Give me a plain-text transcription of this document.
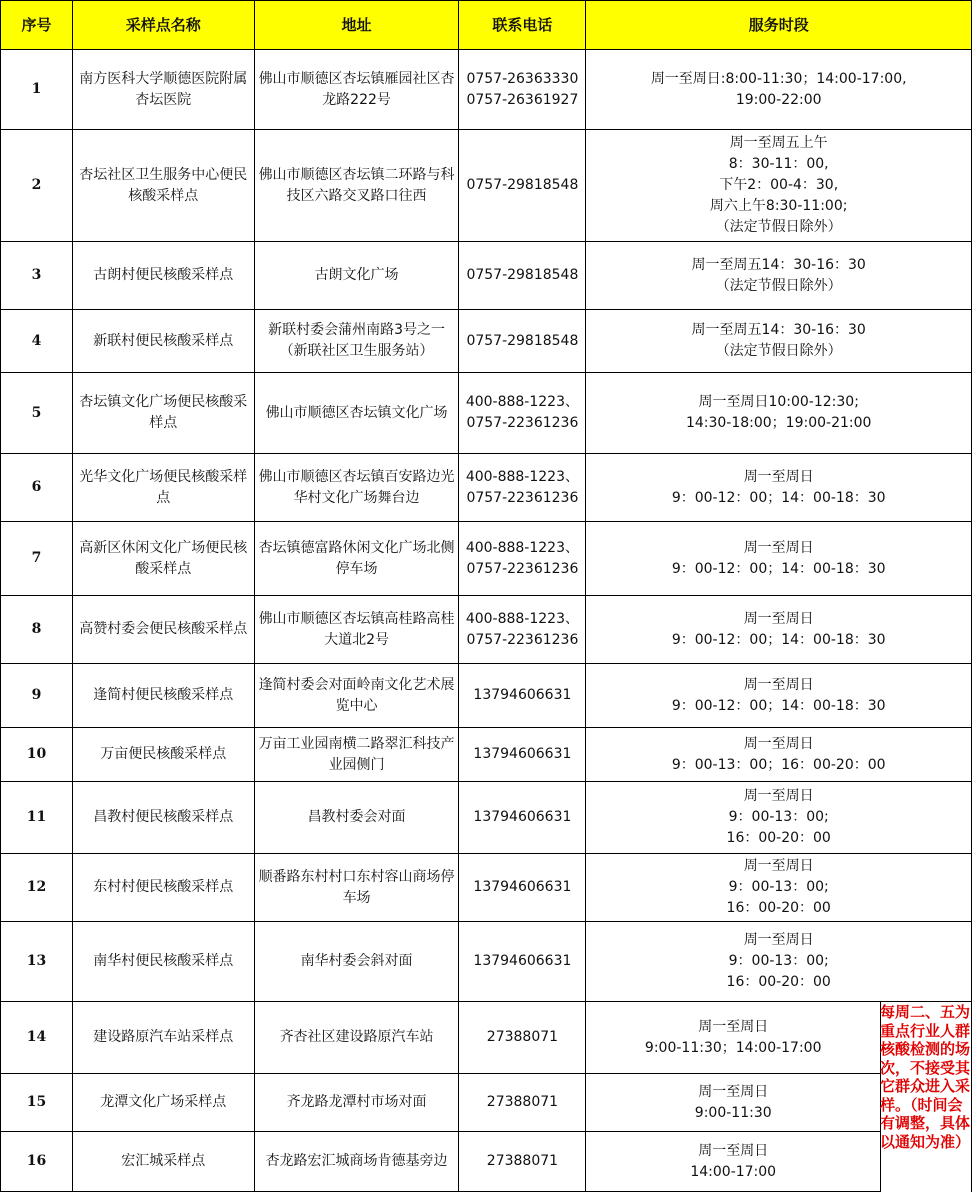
序号	采样点名称	地址	联系电话	服务时段	
1	南方医科大学顺德医院附属杏坛医院	佛山市顺德区杏坛镇雁园社区杏龙路222号	0757-26363330
0757-26361927	周一至周日:8:00-11:30；14:00-17:00,
19:00-22:00	
2	杏坛社区卫生服务中心便民核酸采样点	佛山市顺德区杏坛镇二环路与科技区六路交叉路口往西	0757-29818548	周一至周五上午
8：30-11：00,
下午2：00-4：30,
周六上午8:30-11:00;
（法定节假日除外）	
3	古朗村便民核酸采样点	古朗文化广场	0757-29818548	周一至周五14：30-16：30
（法定节假日除外）	
4	新联村便民核酸采样点	新联村委会蒲州南路3号之一（新联社区卫生服务站）	0757-29818548	周一至周五14：30-16：30
（法定节假日除外）	
5	杏坛镇文化广场便民核酸采样点	佛山市顺德区杏坛镇文化广场	400-888-1223、
0757-22361236	周一至周日10:00-12:30;
14:30-18:00；19:00-21:00	
6	光华文化广场便民核酸采样点	佛山市顺德区杏坛镇百安路边光华村文化广场舞台边	400-888-1223、
0757-22361236	周一至周日
9：00-12：00；14：00-18：30	
7	高新区休闲文化广场便民核酸采样点	杏坛镇德富路休闲文化广场北侧停车场	400-888-1223、
0757-22361236	周一至周日
9：00-12：00；14：00-18：30	
8	高赞村委会便民核酸采样点	佛山市顺德区杏坛镇高桂路高桂大道北2号	400-888-1223、
0757-22361236	周一至周日
9：00-12：00；14：00-18：30	
9	逢简村便民核酸采样点	逢简村委会对面岭南文化艺术展览中心	13794606631	周一至周日
9：00-12：00；14：00-18：30	
10	万亩便民核酸采样点	万亩工业园南横二路翠汇科技产业园侧门	13794606631	周一至周日
9：00-13：00；16：00-20：00	
11	昌教村便民核酸采样点	昌教村委会对面	13794606631	周一至周日
9：00-13：00;
16：00-20：00	
12	东村村便民核酸采样点	顺番路东村村口东村容山商场停车场	13794606631	周一至周日
9：00-13：00;
16：00-20：00	
13	南华村便民核酸采样点	南华村委会斜对面	13794606631	周一至周日
9：00-13：00;
16：00-20：00	
14	建设路原汽车站采样点	齐杏社区建设路原汽车站	27388071	周一至周日
9:00-11:30；14:00-17:00	
15	龙潭文化广场采样点	齐龙路龙潭村市场对面	27388071	周一至周日
9:00-11:30	
16	宏汇城采样点	杏龙路宏汇城商场肯德基旁边	27388071	周一至周日
14:00-17:00	
每周二、五为重点行业人群核酸检测的场次，不接受其它群众进入采样。（时间会有调整，具体以通知为准）
